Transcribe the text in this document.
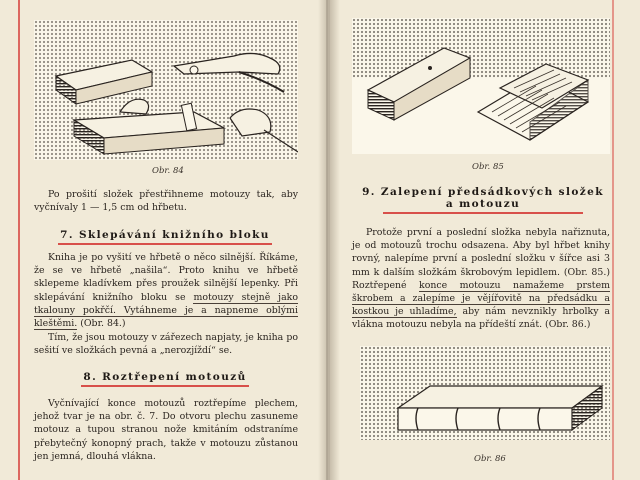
Obr. 84

Po prošití složek přestřihneme motouzy tak, aby vyčnívaly 1 — 1,5 cm od hřbetu.

7. Sklepávání knižního bloku

Kniha je po vyšití ve hřbetě o něco silnější. Říkáme, že se ve hřbetě „našila“. Proto knihu ve hřbetě sklepeme kladívkem přes proužek silnější lepenky. Při sklepávání knižního bloku se motouzy stejně jako tkalouny pokřčí. Vytáhneme je a napneme oblými kleštěmi. (Obr. 84.)

Tím, že jsou motouzy v zářezech napjaty, je kniha po sešití ve složkách pevná a „nerozjíždí“ se.

8. Roztřepení motouzů

Vyčnívající konce motouzů roztřepíme plechem, jehož tvar je na obr. č. 7. Do otvoru plechu zasuneme motouz a tupou stranou nože kmitáním odstraníme přebytečný konopný prach, takže v motouzu zůstanou jen jemná, dlouhá vlákna.

Obr. 85
9. Zalepení předsádkových složek
a motouzu

Protože první a poslední složka nebyla nařiznuta, je od motouzů trochu odsazena. Aby byl hřbet knihy rovný, nalepíme první a poslední složku v šířce asi 3 mm k dalším složkám škrobovým lepidlem. (Obr. 85.) Roztřepené konce motouzu namažeme prstem škrobem a zalepíme je vějířovitě na předsádku a kostkou je uhladíme, aby nám nevznikly hrbolky a vlákna motouzu nebyla na přídeští znát. (Obr. 86.)

Obr. 86
